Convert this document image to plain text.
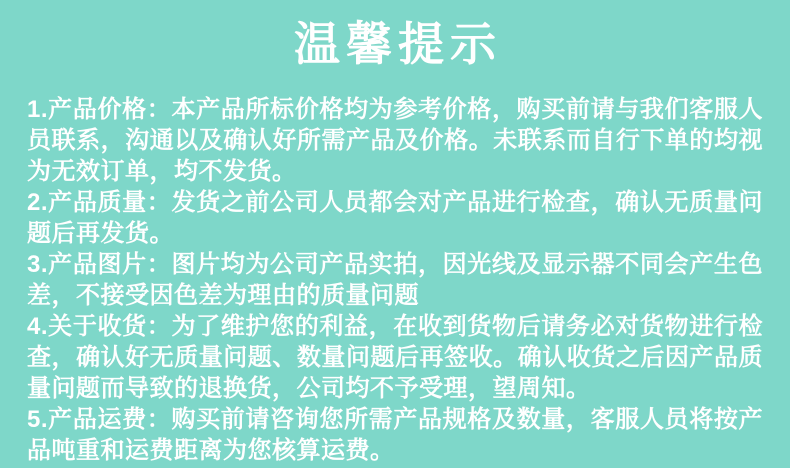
温馨提示

1.产品价格：本产品所标价格均为参考价格，购买前请与我们客服人员联系，沟通以及确认好所需产品及价格。未联系而自行下单的均视为无效订单，均不发货。

2.产品质量：发货之前公司人员都会对产品进行检查，确认无质量问题后再发货。

3.产品图片：图片均为公司产品实拍，因光线及显示器不同会产生色差，不接受因色差为理由的质量问题

4.关于收货：为了维护您的利益，在收到货物后请务必对货物进行检查，确认好无质量问题、数量问题后再签收。确认收货之后因产品质量问题而导致的退换货，公司均不予受理，望周知。

5.产品运费：购买前请咨询您所需产品规格及数量，客服人员将按产品吨重和运费距离为您核算运费。
